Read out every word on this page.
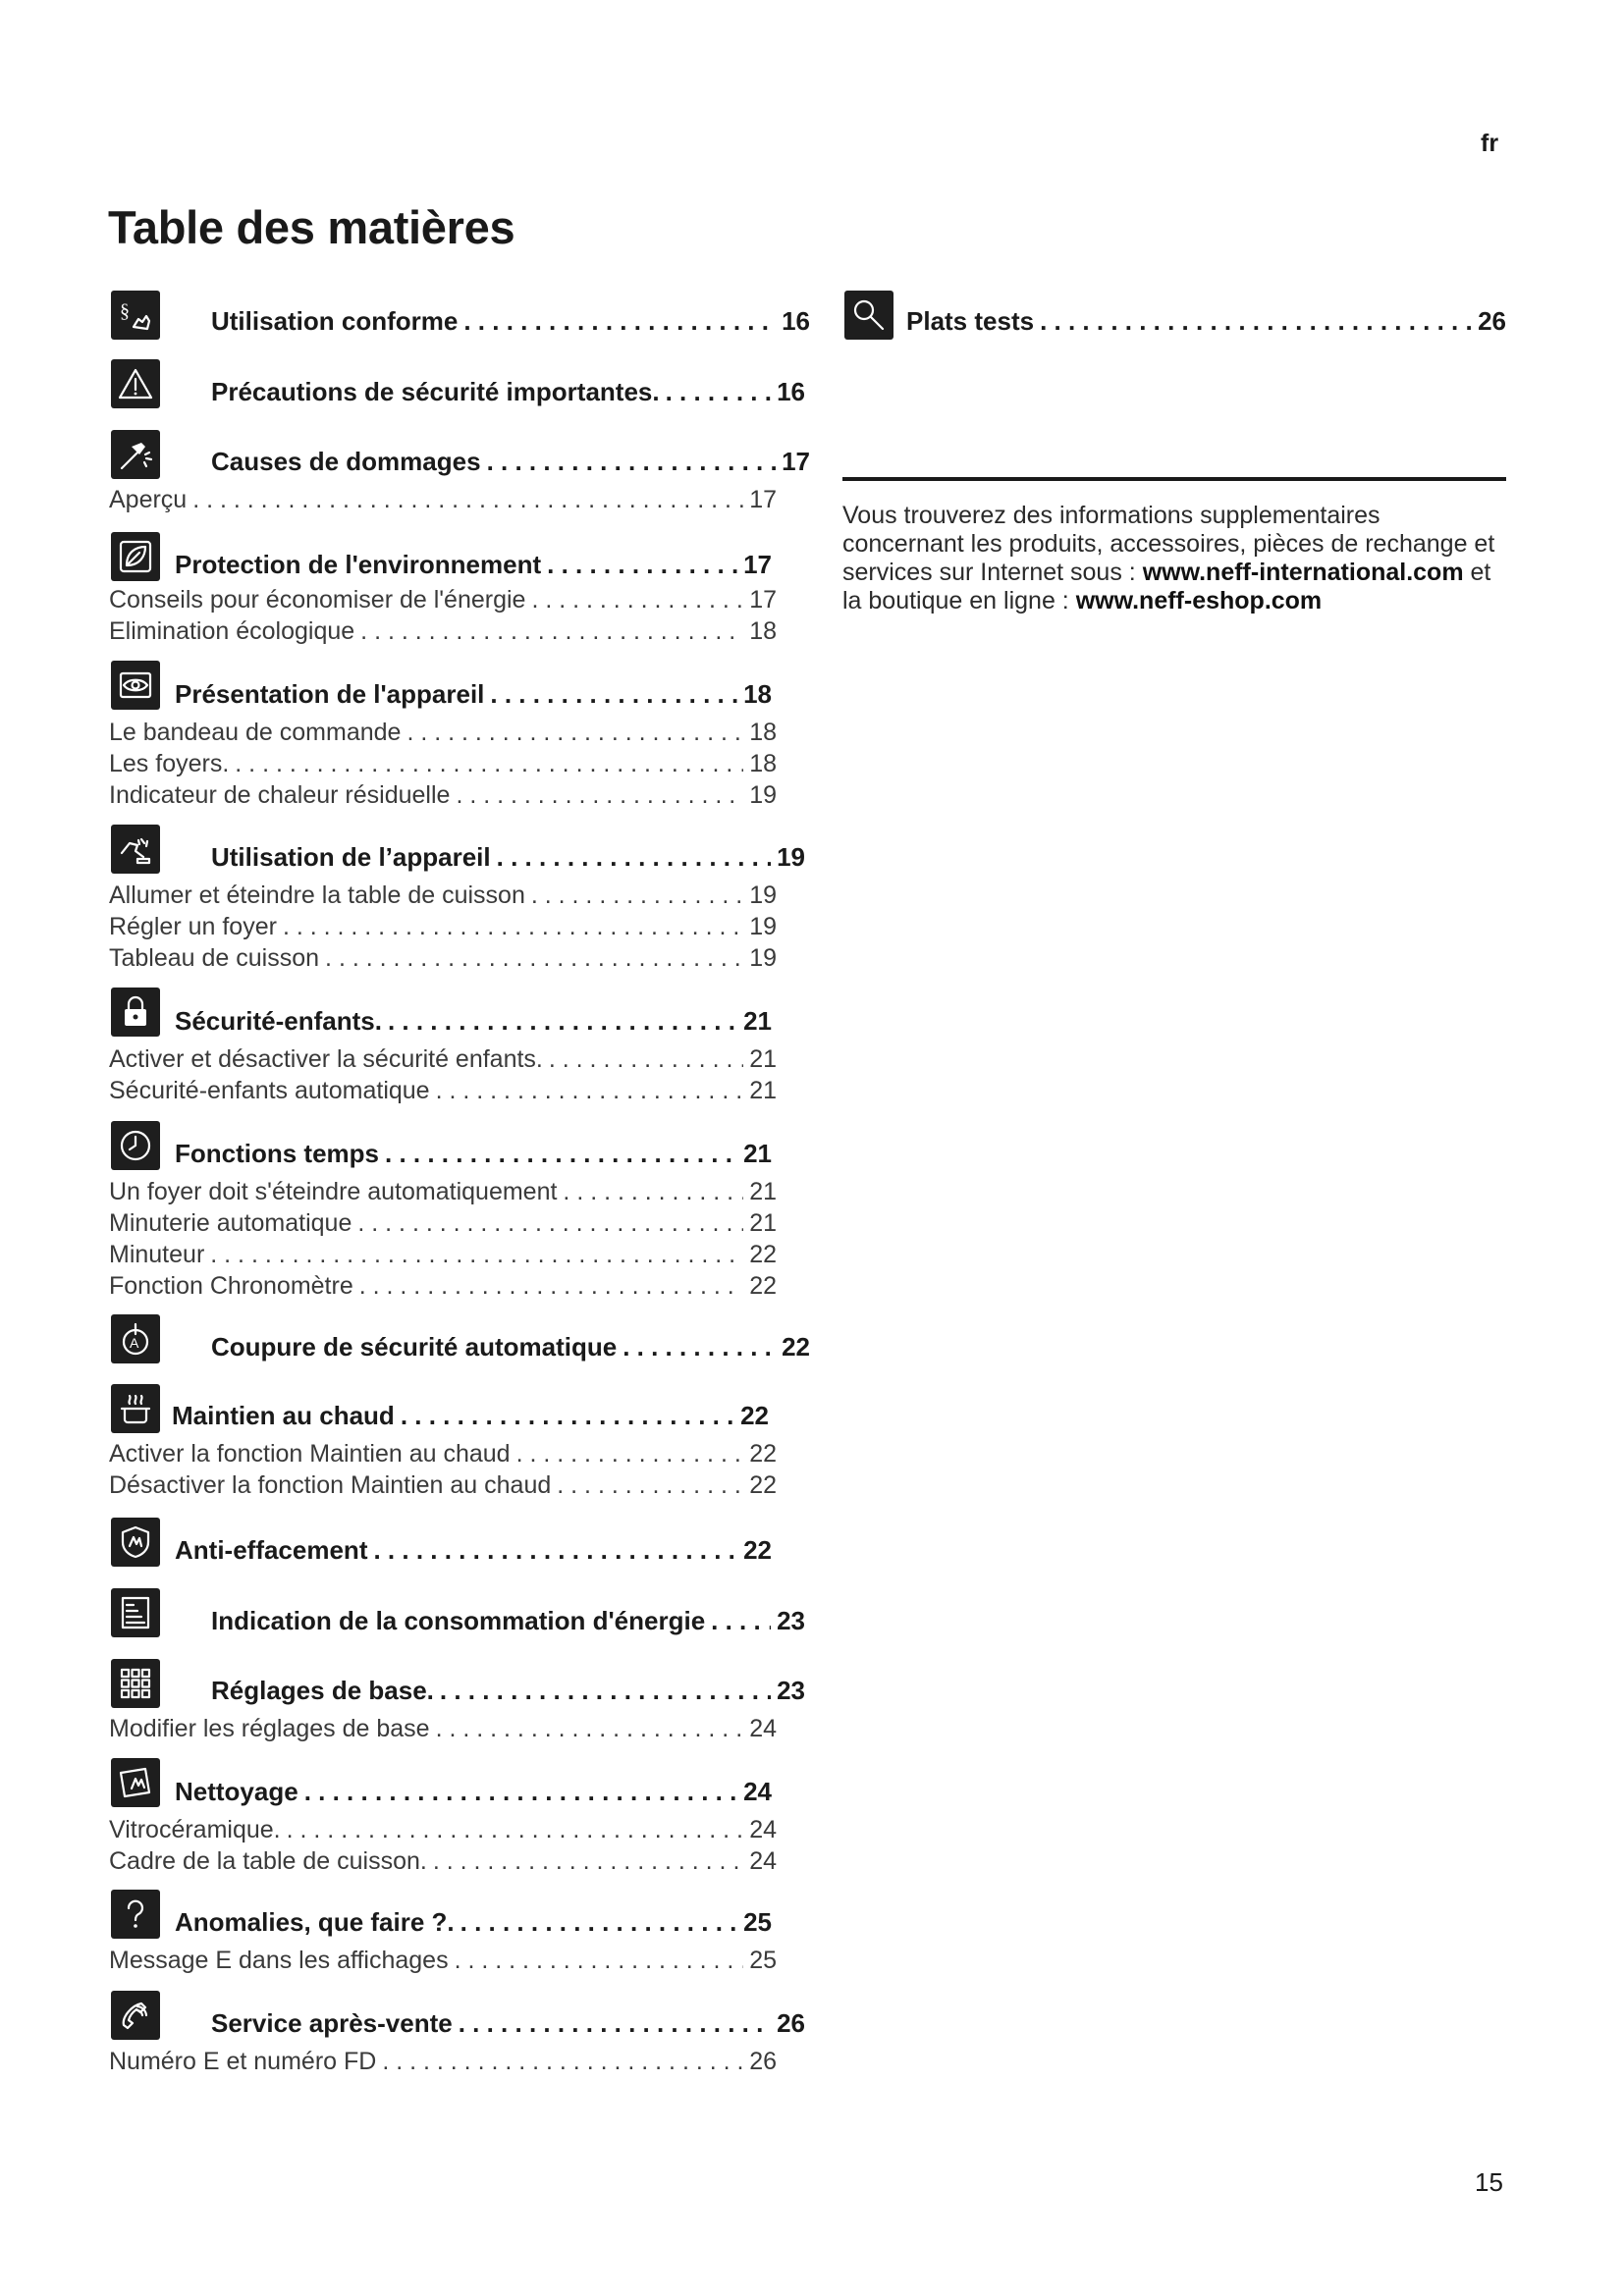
fr
Table des matières
§	Utilisation conforme . . .	16
Précautions de sécurité importantes. . . .	16
Causes de dommages . . .	17
Aperçu . . .	17
Protection de l'environnement . . .	17
Conseils pour économiser de l'énergie . . .	17
Elimination écologique . . .	18
Présentation de l'appareil . . .	18
Le bandeau de commande . . .	18
Les foyers. . . .	18
Indicateur de chaleur résiduelle . . .	19
Utilisation de l’appareil . . .	19
Allumer et éteindre la table de cuisson . . .	19
Régler un foyer . . .	19
Tableau de cuisson . . .	19
Sécurité-enfants. . . .	21
Activer et désactiver la sécurité enfants. . . .	21
Sécurité-enfants automatique . . .	21
Fonctions temps . . .	21
Un foyer doit s'éteindre automatiquement . . .	21
Minuterie automatique . . .	21
Minuteur . . .	22
Fonction Chronomètre . . .	22
A	Coupure de sécurité automatique . . .	22
Maintien au chaud . . .	22
Activer la fonction Maintien au chaud . . .	22
Désactiver la fonction Maintien au chaud . . .	22
Anti-effacement . . .	22
Indication de la consommation d'énergie . . .	23
Réglages de base. . . .	23
Modifier les réglages de base . . .	24
Nettoyage . . .	24
Vitrocéramique. . . .	24
Cadre de la table de cuisson. . . .	24
Anomalies, que faire ?. . . .	25
Message E dans les affichages . . .	25
Service après-vente . . .	26
Numéro E et numéro FD . . .	26
Plats tests . . .	26
Vous trouverez des informations supplementaires concernant les produits, accessoires, pièces de rechange et services sur Internet sous : www.neff-international.com et la boutique en ligne : www.neff-eshop.com
15
